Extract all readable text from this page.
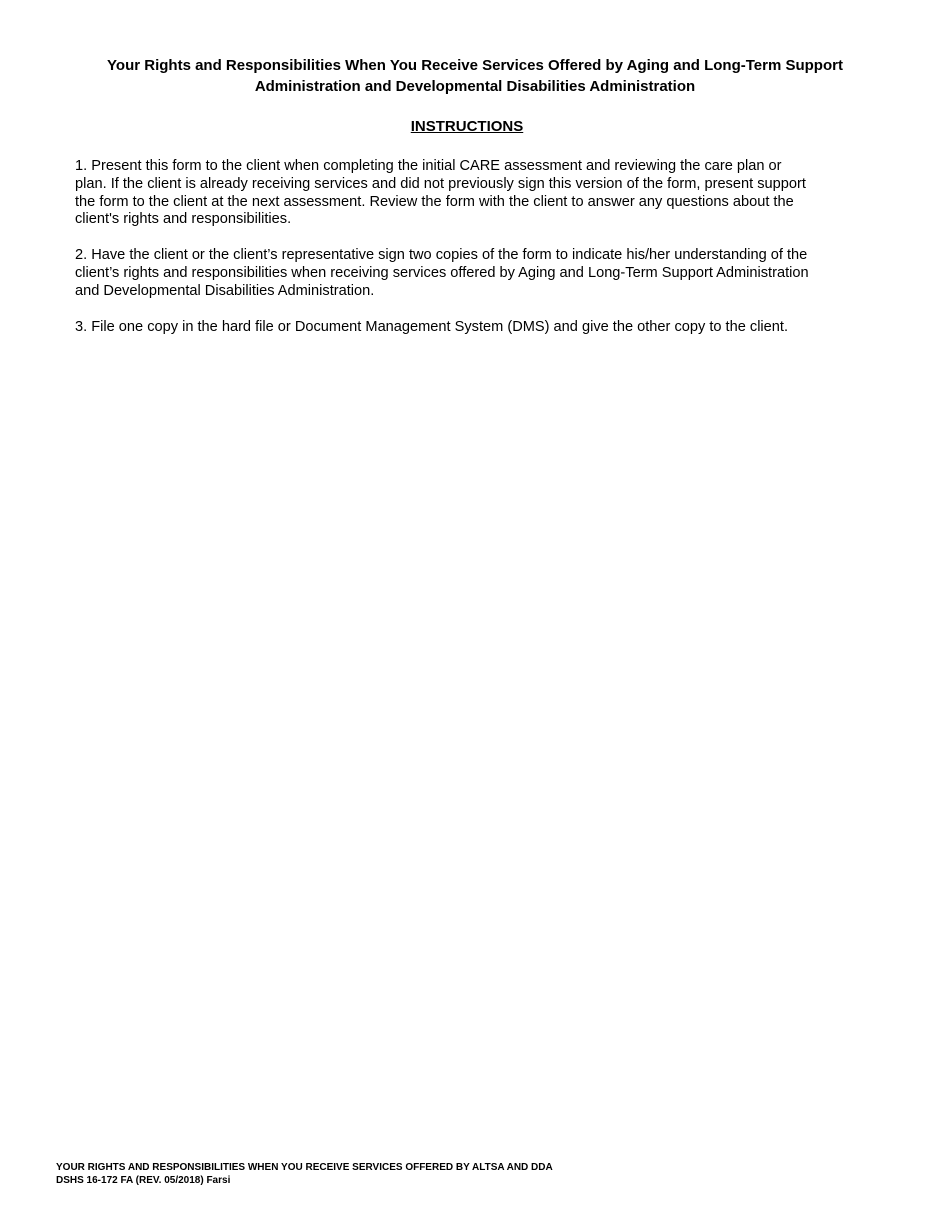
Your Rights and Responsibilities When You Receive Services Offered by Aging and Long-Term Support
Administration and Developmental Disabilities Administration
INSTRUCTIONS

1. Present this form to the client when completing the initial CARE assessment and reviewing the care plan or
plan. If the client is already receiving services and did not previously sign this version of the form, present support
the form to the client at the next assessment. Review the form with the client to answer any questions about the
client's rights and responsibilities.

2. Have the client or the client’s representative sign two copies of the form to indicate his/her understanding of the
client’s rights and responsibilities when receiving services offered by Aging and Long-Term Support Administration
and Developmental Disabilities Administration.

3. File one copy in the hard file or Document Management System (DMS) and give the other copy to the client.

YOUR RIGHTS AND RESPONSIBILITIES WHEN YOU RECEIVE SERVICES OFFERED BY ALTSA AND DDA
DSHS 16-172 FA (REV. 05/2018) Farsi
